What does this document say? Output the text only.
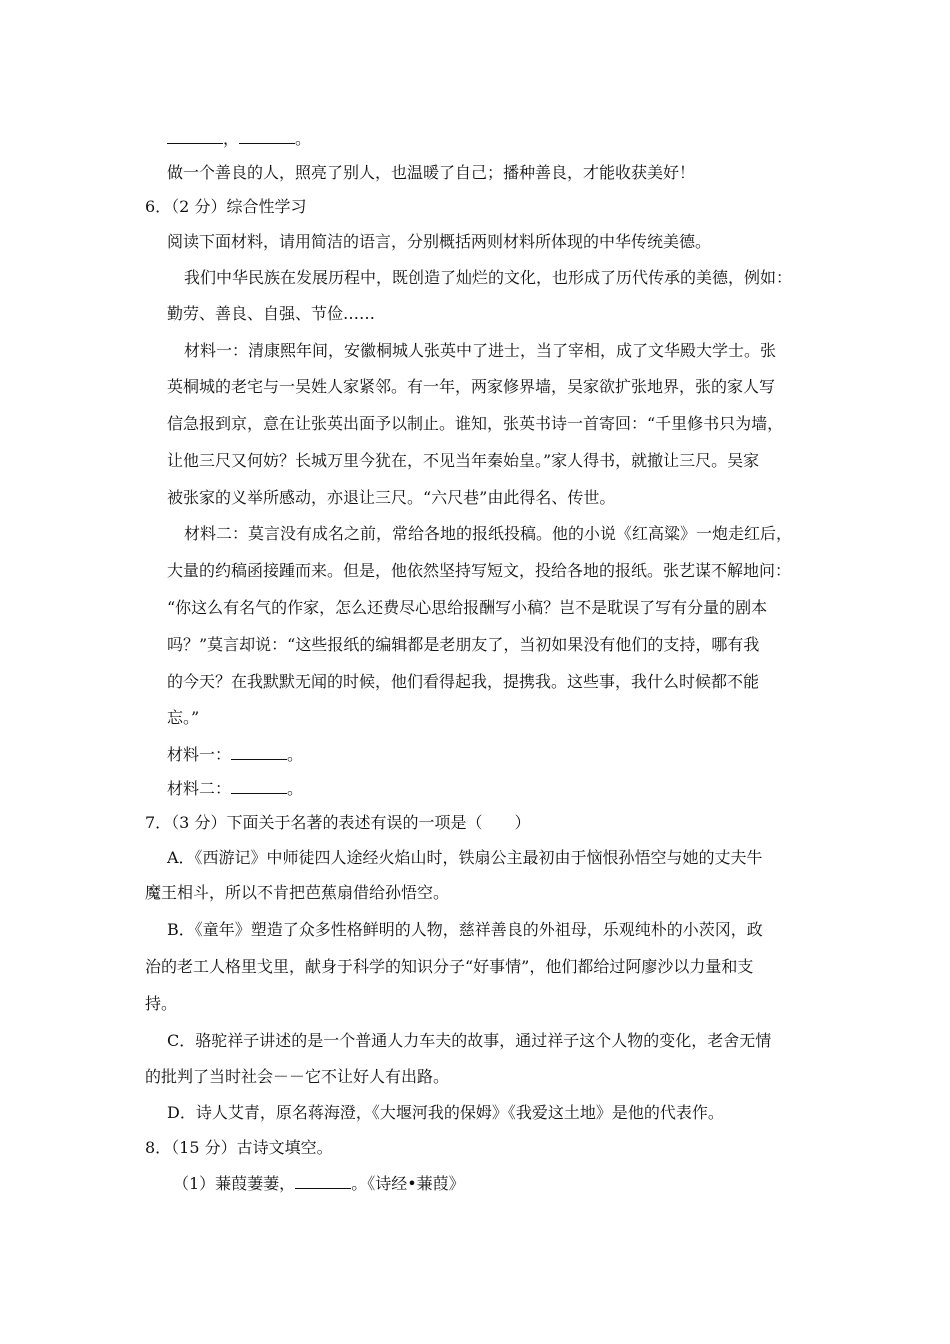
，	。

做一个善良的人，照亮了别人，也温暖了自己；播种善良，才能收获美好！

6．（2 分）综合性学习

阅读下面材料，请用简洁的语言，分别概括两则材料所体现的中华传统美德。

我们中华民族在发展历程中，既创造了灿烂的文化，也形成了历代传承的美德，例如：

勤劳、善良、自强、节俭……

材料一：清康熙年间，安徽桐城人张英中了进士，当了宰相，成了文华殿大学士。张

英桐城的老宅与一吴姓人家紧邻。有一年，两家修界墙，吴家欲扩张地界，张的家人写

信急报到京，意在让张英出面予以制止。谁知，张英书诗一首寄回：“千里修书只为墙，

让他三尺又何妨？长城万里今犹在，不见当年秦始皇。”家人得书，就撤让三尺。吴家

被张家的义举所感动，亦退让三尺。“六尺巷”由此得名、传世。

材料二：莫言没有成名之前，常给各地的报纸投稿。他的小说《红高粱》一炮走红后，

大量的约稿函接踵而来。但是，他依然坚持写短文，投给各地的报纸。张艺谋不解地问：

“你这么有名气的作家，怎么还费尽心思给报酬写小稿？岂不是耽误了写有分量的剧本

吗？”莫言却说：“这些报纸的编辑都是老朋友了，当初如果没有他们的支持，哪有我

的今天？在我默默无闻的时候，他们看得起我，提携我。这些事，我什么时候都不能

忘。”

材料一：	。

材料二：	。

7．（3 分）下面关于名著的表述有误的一项是（　　）

A．《西游记》中师徒四人途经火焰山时，铁扇公主最初由于恼恨孙悟空与她的丈夫牛

魔王相斗，所以不肯把芭蕉扇借给孙悟空。

B．《童年》塑造了众多性格鲜明的人物，慈祥善良的外祖母，乐观纯朴的小茨冈，政

治的老工人格里戈里，献身于科学的知识分子“好事情”，他们都给过阿廖沙以力量和支

持。

C．骆驼祥子讲述的是一个普通人力车夫的故事，通过祥子这个人物的变化，老舍无情

的批判了当时社会－－它不让好人有出路。

D．诗人艾青，原名蒋海澄，《大堰河我的保姆》《我爱这土地》是他的代表作。

8．（15 分）古诗文填空。

（1）蒹葭萋萋，	。《诗经•蒹葭》
